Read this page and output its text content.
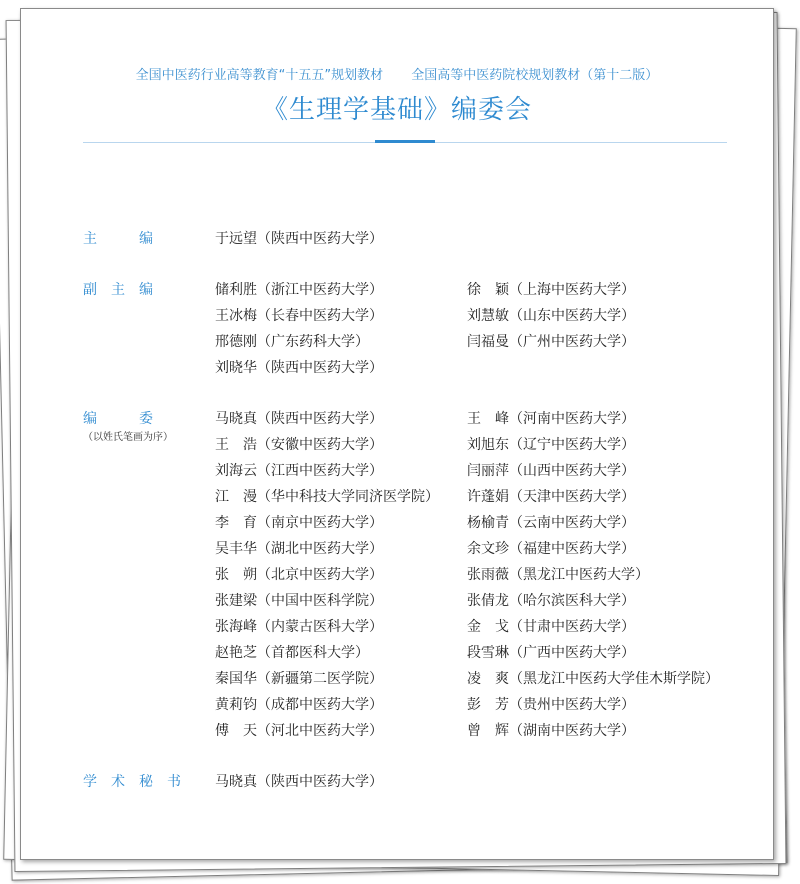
全国中医药行业高等教育“十五五”规划教材 全国高等中医药院校规划教材（第十二版）
《生理学基础》编委会
主　　　编	于远望（陕西中医药大学）
副　主　编	储利胜（浙江中医药大学）
王冰梅（长春中医药大学）
邢德刚（广东药科大学）
刘晓华（陕西中医药大学）
徐　颖（上海中医药大学）
刘慧敏（山东中医药大学）
闫福曼（广州中医药大学）
编　　　委
（以姓氏笔画为序）
马晓真（陕西中医药大学）
王　浩（安徽中医药大学）
刘海云（江西中医药大学）
江　漫（华中科技大学同济医学院）
李　育（南京中医药大学）
吴丰华（湖北中医药大学）
张　朔（北京中医药大学）
张建梁（中国中医科学院）
张海峰（内蒙古医科大学）
赵艳芝（首都医科大学）
秦国华（新疆第二医学院）
黄莉钧（成都中医药大学）
傅　天（河北中医药大学）
王　峰（河南中医药大学）
刘旭东（辽宁中医药大学）
闫丽萍（山西中医药大学）
许蓬娟（天津中医药大学）
杨榆青（云南中医药大学）
余文珍（福建中医药大学）
张雨薇（黑龙江中医药大学）
张倩龙（哈尔滨医科大学）
金　戈（甘肃中医药大学）
段雪琳（广西中医药大学）
凌　爽（黑龙江中医药大学佳木斯学院）
彭　芳（贵州中医药大学）
曾　辉（湖南中医药大学）
学　术　秘　书 马晓真（陕西中医药大学）
